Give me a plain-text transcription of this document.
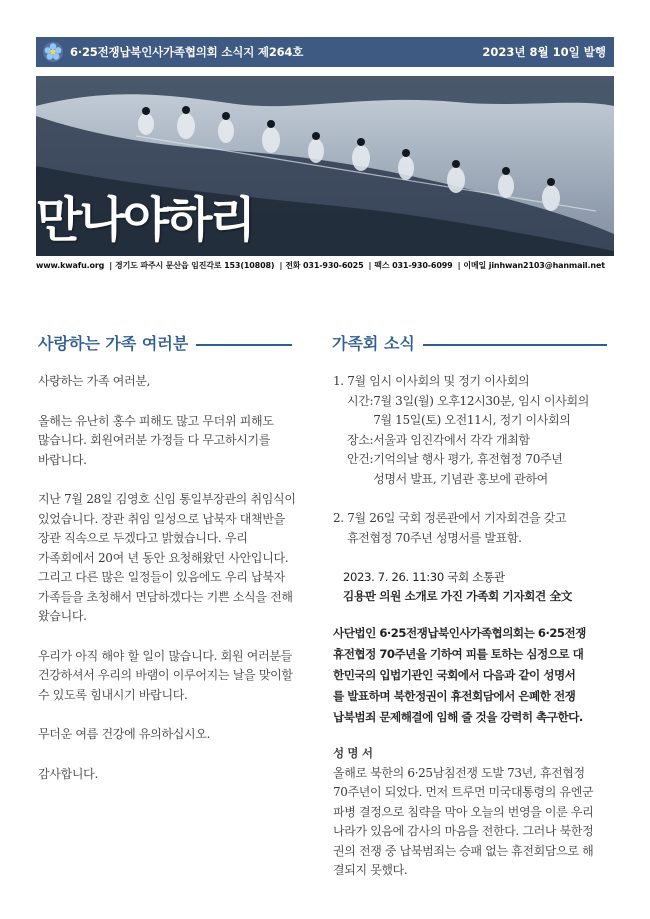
6·25전쟁납북인사가족협의회 소식지 제264호	2023년 8월 10일 발행
만나야하리
www.kwafu.org | 경기도 파주시 문산읍 임진각로 153(10808) | 전화 031-930-6025 | 팩스 031-930-6099 | 이메일 jinhwan2103@hanmail.net
사랑하는 가족 여러분	가족회 소식

사랑하는 가족 여러분,

올해는 유난히 홍수 피해도 많고 무더위 피해도
많습니다. 회원여러분 가정들 다 무고하시기를
바랍니다.

지난 7월 28일 김영호 신임 통일부장관의 취임식이
있었습니다. 장관 취임 일성으로 납북자 대책반을
장관 직속으로 두겠다고 밝혔습니다. 우리
가족회에서 20여 년 동안 요청해왔던 사안입니다.
그리고 다른 많은 일정들이 있음에도 우리 납북자
가족들을 초청해서 면담하겠다는 기쁜 소식을 전해
왔습니다.

우리가 아직 해야 할 일이 많습니다. 회원 여러분들
건강하셔서 우리의 바램이 이루어지는 날을 맞이할
수 있도록 힘내시기 바랍니다.

무더운 여름 건강에 유의하십시오.

감사합니다.

1. 7월 임시 이사회의 및 정기 이사회의
시간: 7월 3일(월) 오후12시30분, 임시 이사회의
7월 15일(토) 오전11시, 정기 이사회의
장소: 서울과 임진각에서 각각 개최함
안건: 기억의날 행사 평가, 휴전협정 70주년
성명서 발표, 기념관 홍보에 관하여
2. 7월 26일 국회 정론관에서 기자회견을 갖고
휴전협정 70주년 성명서를 발표함.
2023. 7. 26. 11:30 국회 소통관
김용판 의원 소개로 가진 가족회 기자회견 全文
사단법인 6·25전쟁납북인사가족협의회는 6·25전쟁
휴전협정 70주년을 기하여 피를 토하는 심정으로 대
한민국의 입법기관인 국회에서 다음과 같이 성명서
를 발표하며 북한정권이 휴전회담에서 은폐한 전쟁
납북범죄 문제해결에 임해 줄 것을 강력히 촉구한다.
성 명 서
올해로 북한의 6·25남침전쟁 도발 73년, 휴전협정
70주년이 되었다. 먼저 트루먼 미국대통령의 유엔군
파병 결정으로 침략을 막아 오늘의 번영을 이룬 우리
나라가 있음에 감사의 마음을 전한다. 그러나 북한정
권의 전쟁 중 납북범죄는 승패 없는 휴전회담으로 해
결되지 못했다.
